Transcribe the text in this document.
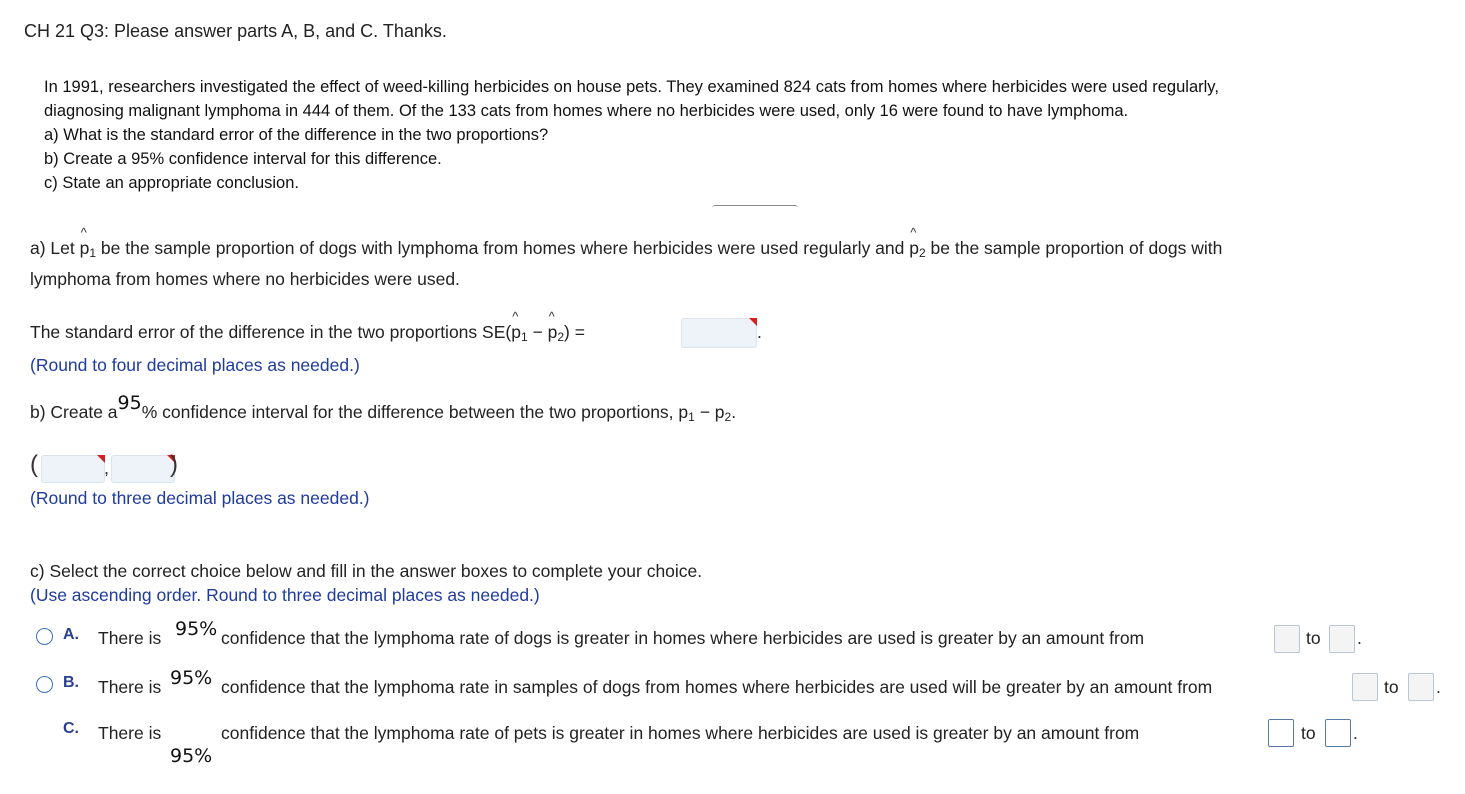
CH 21 Q3: Please answer parts A, B, and C. Thanks.
In 1991, researchers investigated the effect of weed-killing herbicides on house pets. They examined 824 cats from homes where herbicides were used regularly,
diagnosing malignant lymphoma in 444 of them. Of the 133 cats from homes where no herbicides were used, only 16 were found to have lymphoma.
a) What is the standard error of the difference in the two proportions?
b) Create a 95% confidence interval for this difference.
c) State an appropriate conclusion.
a) Let ^ $p_1$ be the sample proportion of dogs with lymphoma from homes where herbicides were used regularly and ^ $p_2$ be the sample proportion of dogs with
lymphoma from homes where no herbicides were used.
The standard error of the difference in the two proportions SE(^ $p_1$ − ^ $p_2$) =	.
(Round to four decimal places as needed.)
b) Create a95% confidence interval for the difference between the two proportions, $p_1 - p_2$.
(	,	)
(Round to three decimal places as needed.)
c) Select the correct choice below and fill in the answer boxes to complete your choice.
(Use ascending order. Round to three decimal places as needed.)
A. There is 95% confidence that the lymphoma rate of dogs is greater in homes where herbicides are used is greater by an amount from	to .
B. There is 95% confidence that the lymphoma rate in samples of dogs from homes where herbicides are used will be greater by an amount from	to .
C. There is
95%
confidence that the lymphoma rate of pets is greater in homes where herbicides are used is greater by an amount from	to .
